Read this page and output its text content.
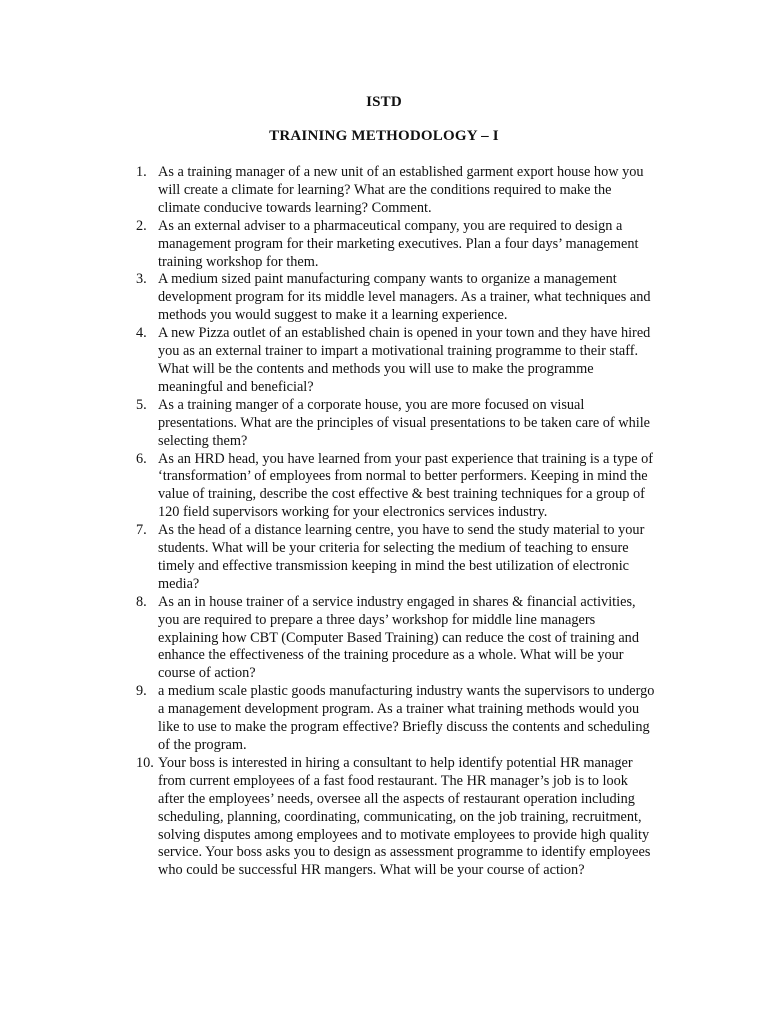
ISTD

TRAINING METHODOLOGY – I

1. As a training manager of a new unit of an established garment export house how you will create a climate for learning? What are the conditions required to make the climate conducive towards learning? Comment.

2. As an external adviser to a pharmaceutical company, you are required to design a management program for their marketing executives. Plan a four days’ management training workshop for them.

3. A medium sized paint manufacturing company wants to organize a management development program for its middle level managers. As a trainer, what techniques and methods you would suggest to make it a learning experience.

4. A new Pizza outlet of an established chain is opened in your town and they have hired you as an external trainer to impart a motivational training programme to their staff. What will be the contents and methods you will use to make the programme meaningful and beneficial?

5. As a training manger of a corporate house, you are more focused on visual presentations. What are the principles of visual presentations to be taken care of while selecting them?

6. As an HRD head, you have learned from your past experience that training is a type of ‘transformation’ of employees from normal to better performers. Keeping in mind the value of training, describe the cost effective & best training techniques for a group of 120 field supervisors working for your electronics services industry.

7. As the head of a distance learning centre, you have to send the study material to your students. What will be your criteria for selecting the medium of teaching to ensure timely and effective transmission keeping in mind the best utilization of electronic media?

8. As an in house trainer of a service industry engaged in shares & financial activities, you are required to prepare a three days’ workshop for middle line managers explaining how CBT (Computer Based Training) can reduce the cost of training and enhance the effectiveness of the training procedure as a whole. What will be your course of action?

9. a medium scale plastic goods manufacturing industry wants the supervisors to undergo a management development program. As a trainer what training methods would you like to use to make the program effective? Briefly discuss the contents and scheduling of the program.

10. Your boss is interested in hiring a consultant to help identify potential HR manager from current employees of a fast food restaurant. The HR manager’s job is to look after the employees’ needs, oversee all the aspects of restaurant operation including scheduling, planning, coordinating, communicating, on the job training, recruitment, solving disputes among employees and to motivate employees to provide high quality service. Your boss asks you to design as assessment programme to identify employees who could be successful HR mangers. What will be your course of action?
